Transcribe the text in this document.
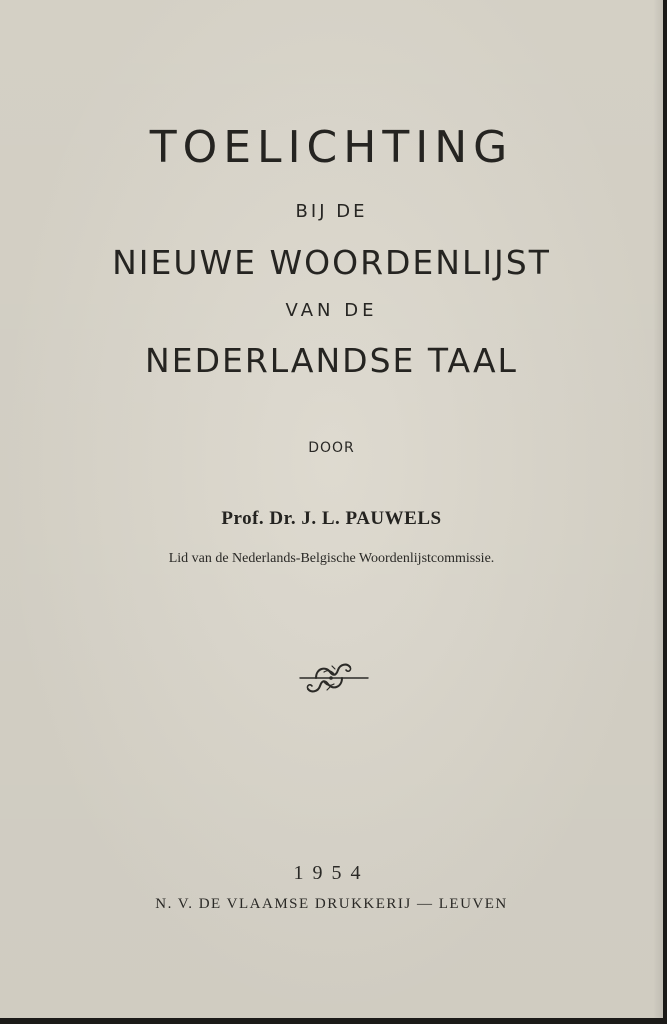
TOELICHTING
BIJ DE
NIEUWE WOORDENLIJST
VAN DE
NEDERLANDSE TAAL
DOOR
Prof. Dr. J. L. PAUWELS
Lid van de Nederlands-Belgische Woordenlijstcommissie.
1954
N. V. DE VLAAMSE DRUKKERIJ — LEUVEN
